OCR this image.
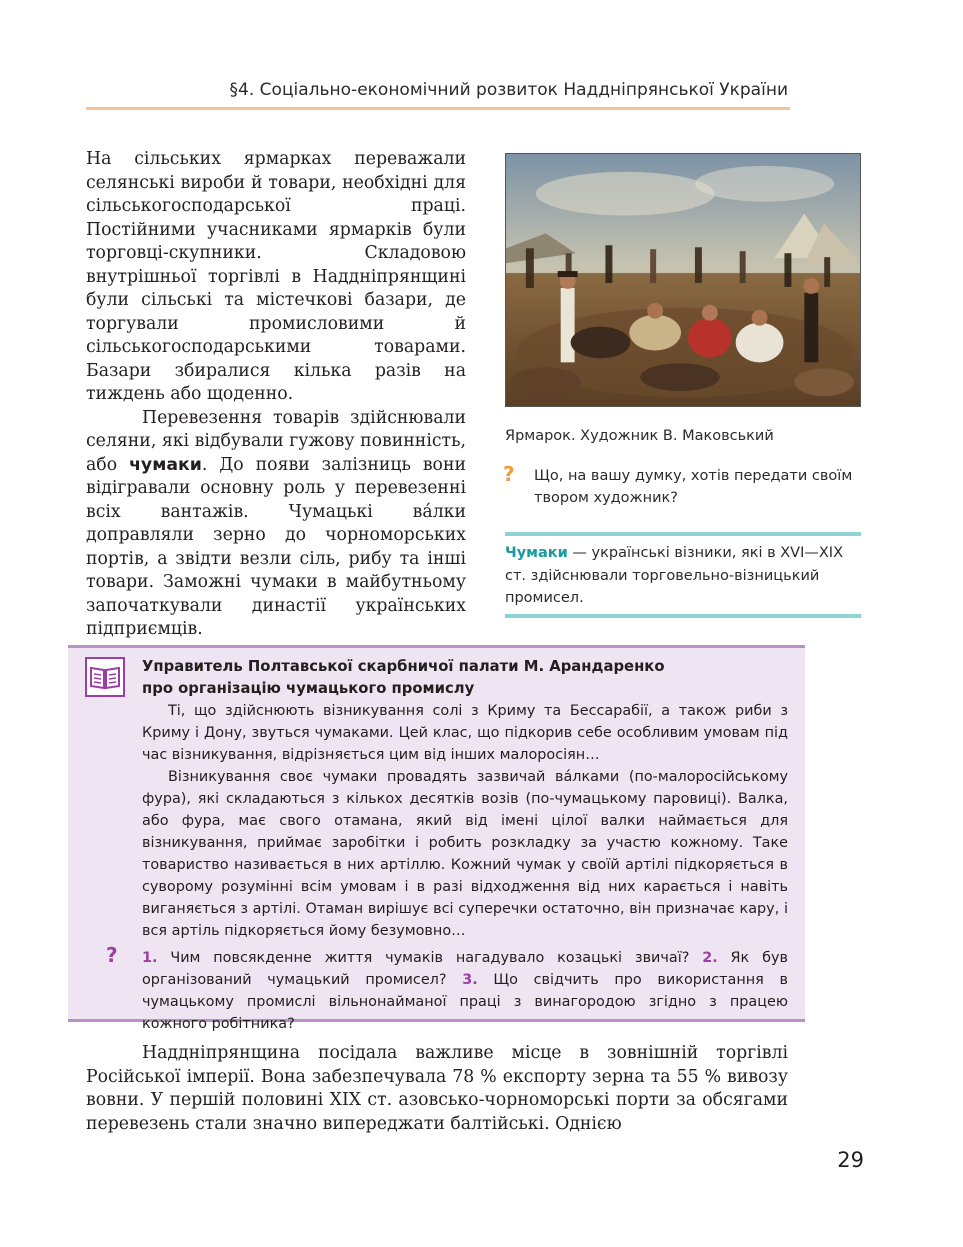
§4. Соціально-економічний розвиток Наддніпрянської України

На сільських ярмарках переважали селянські вироби й товари, необхідні для сільськогосподарської праці. Постійними учасниками ярмарків були торговці-скупники. Складовою внутрішньої торгівлі в Наддніпрянщині були сільські та містечкові базари, де торгували промисловими й сільськогосподарськими товарами. Базари збиралися кілька разів на тиждень або щоденно.

Перевезення товарів здійснювали селяни, які відбували гужову повинність, або чумаки. До появи залізниць вони відігравали основну роль у перевезенні всіх вантажів. Чумацькі ва́лки доправляли зерно до чорноморських портів, а звідти везли сіль, рибу та інші товари. Заможні чумаки в майбутньому започаткували династії українських підприємців.

Ярмарок. Художник В. Маковський
? Що, на вашу думку, хотів передати своїм твором художник?
Чумаки — українські візники, які в XVI—XIX ст. здійснювали торговельно-візницький промисел.
Управитель Полтавської скарбничої палати М. Арандаренко
про організацію чумацького промислу

Ті, що здійснюють візникування солі з Криму та Бессарабії, а також риби з Криму і Дону, звуться чумаками. Цей клас, що підкорив себе особливим умовам під час візникування, відрізняється цим від інших малоросіян…

Візникування своє чумаки провадять зазвичай ва́лками (по-малоросійському фура), які складаються з кількох десятків возів (по-чумацькому паровиці). Валка, або фура, має свого отамана, який від імені цілої валки наймається для візникування, приймає заробітки і робить розкладку за участю кожному. Таке товариство називається в них артіллю. Кожний чумак у своїй артілі підкоряється в суворому розумінні всім умовам і в разі відходження від них карається і навіть виганяється з артілі. Отаман вирішує всі суперечки остаточно, він призначає кару, і вся артіль підкоряється йому безумовно…

? 1. Чим повсякденне життя чумаків нагадувало козацькі звичаї? 2. Як був організований чумацький промисел? 3. Що свідчить про використання в чумацькому промислі вільнонайманої праці з винагородою згідно з працею кожного робітника?

Наддніпрянщина посідала важливе місце в зовнішній торгівлі Російської імперії. Вона забезпечувала 78 % експорту зерна та 55 % вивозу вовни. У першій половині XIX ст. азовсько-чорноморські порти за обсягами перевезень стали значно випереджати балтійські. Однією

29
